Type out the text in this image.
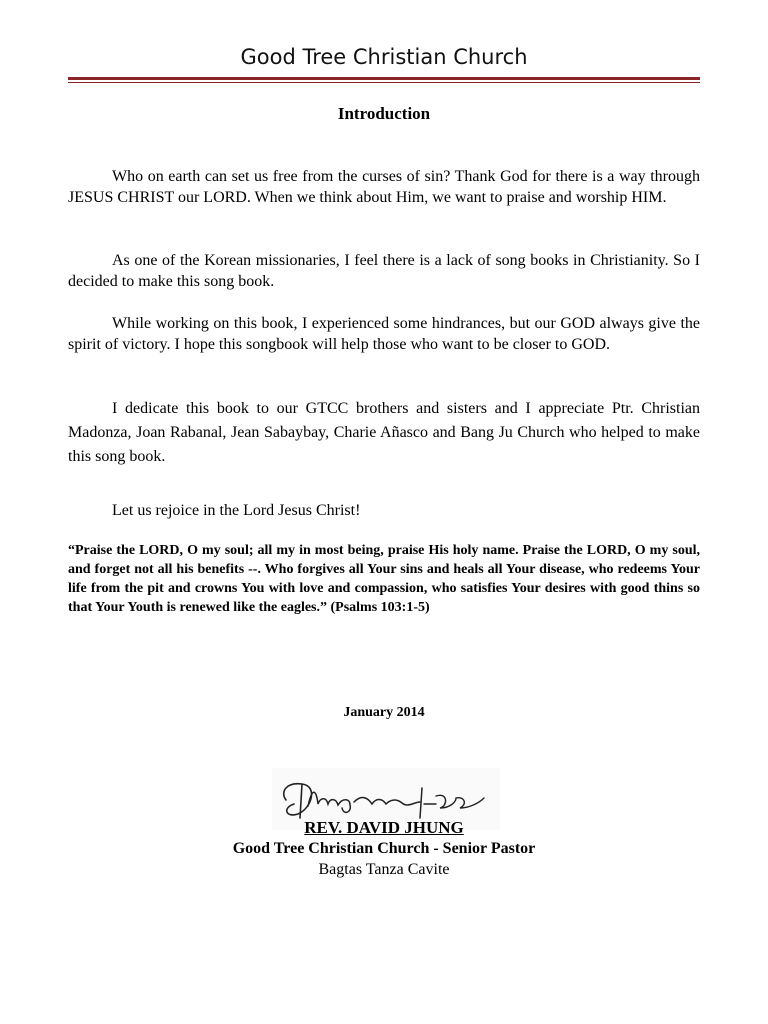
Good Tree Christian Church
Introduction

Who on earth can set us free from the curses of sin? Thank God for there is a way through JESUS CHRIST our LORD. When we think about Him, we want to praise and worship HIM.

As one of the Korean missionaries, I feel there is a lack of song books in Christianity. So I decided to make this song book.

While working on this book, I experienced some hindrances, but our GOD always give the spirit of victory. I hope this songbook will help those who want to be closer to GOD.

I dedicate this book to our GTCC brothers and sisters and I appreciate Ptr. Christian Madonza, Joan Rabanal, Jean Sabaybay, Charie Añasco and Bang Ju Church who helped to make this song book.

Let us rejoice in the Lord Jesus Christ!

“Praise the LORD, O my soul; all my in most being, praise His holy name. Praise the LORD, O my soul, and forget not all his benefits --. Who forgives all Your sins and heals all Your disease, who redeems Your life from the pit and crowns You with love and compassion, who satisfies Your desires with good thins so that Your Youth is renewed like the eagles.” (Psalms 103:1-5)

January 2014
REV. DAVID JHUNG
Good Tree Christian Church - Senior Pastor
Bagtas Tanza Cavite
